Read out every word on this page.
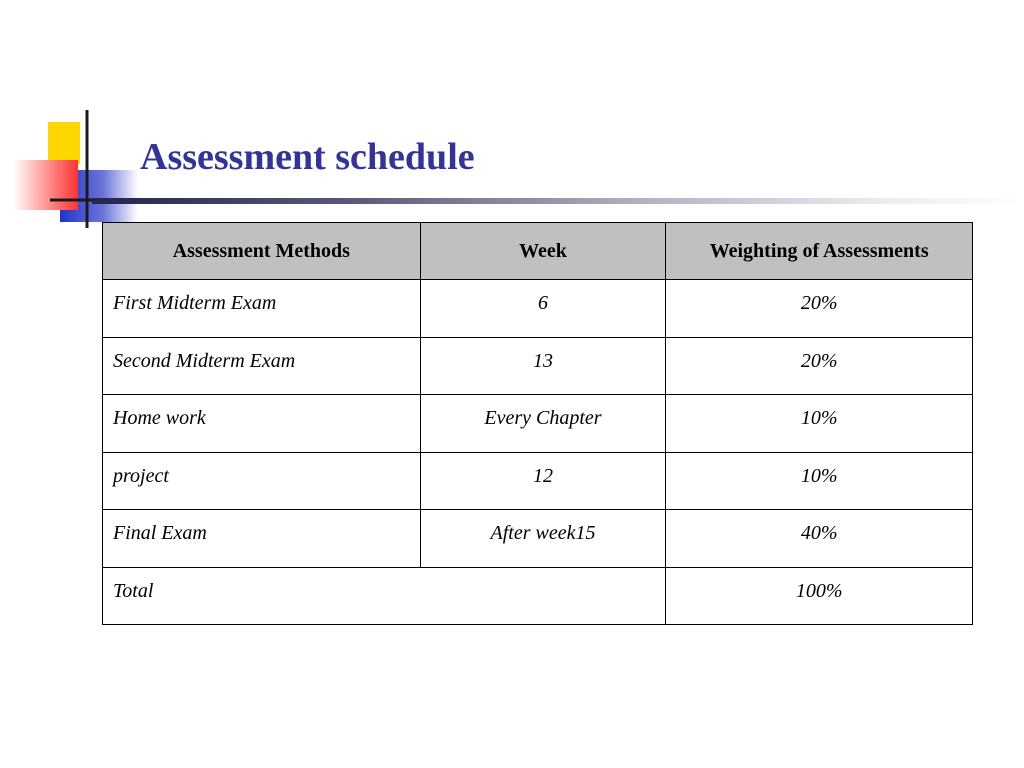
Assessment schedule
Assessment Methods	Week	Weighting of Assessments
First Midterm Exam	6	20%
Second Midterm Exam	13	20%
Home work	Every Chapter	10%
project	12	10%
Final Exam	After week15	40%
Total		100%
